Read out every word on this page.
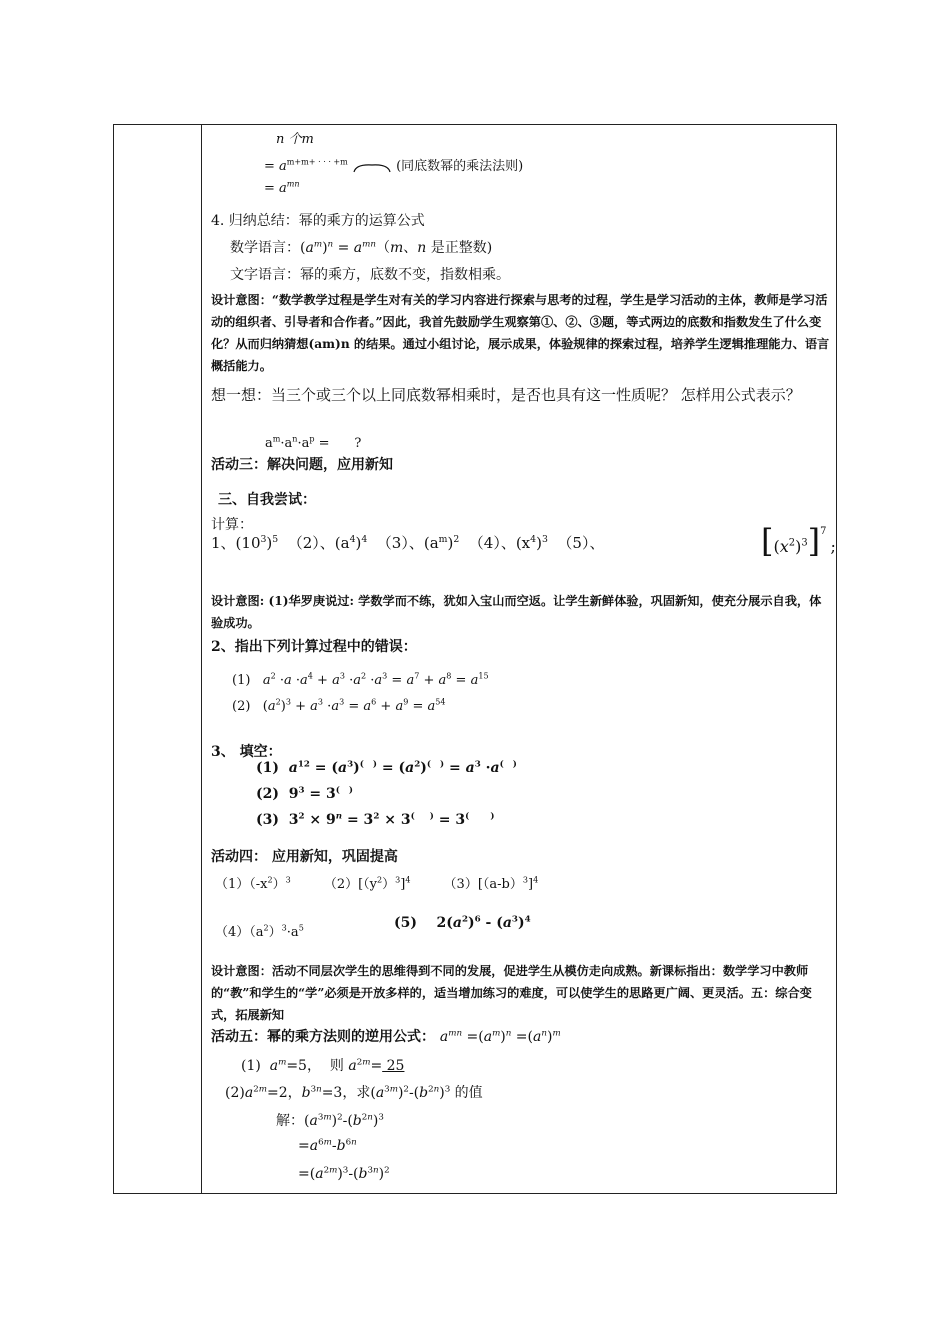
n 个m
= $a^{m+m+ \cdot \cdot \cdot +m}$	(同底数幂的乘法法则)
= $a^{mn}$
4. 归纳总结：幂的乘方的运算公式
数学语言：$(a^m)^n = a^{mn}(m$、n 是正整数)
文字语言：幂的乘方，底数不变，指数相乘。
设计意图：“数学教学过程是学生对有关的学习内容进行探索与思考的过程，学生是学习活动的主体，教师是学习活动的组织者、引导者和合作者。”因此，我首先鼓励学生观察第①、②、③题，等式两边的底数和指数发生了什么变化？从而归纳猜想(am)n 的结果。通过小组讨论，展示成果，体验规律的探索过程，培养学生逻辑推理能力、语言概括能力。
想一想：当三个或三个以上同底数幂相乘时，是否也具有这一性质呢？ 怎样用公式表示？
$a^m\cdot a^n\cdot a^p$ =      ?
活动三：解决问题，应用新知
三、自我尝试：
计算：
1、$(10^3)^5$  （2）、$(a^4)^4$  （3）、$(a^m)^2$  （4）、$(x^4)^3$  （5）、	$[(x^2)^3]^7$;
设计意图: (1)华罗庚说过: 学数学而不练，犹如入宝山而空返。让学生新鲜体验，巩固新知，使充分展示自我，体验成功。
2、指出下列计算过程中的错误：
(1)   $a^2 \cdot a \cdot a^4 + a^3 \cdot a^2 \cdot a^3 = a^7 + a^8 = a^{15}$
(2)   $(a^2)^3 + a^3 \cdot a^3 = a^6 + a^9 = a^{54}$
3、 填空：
(1)  $a^{12} = (a^3)^{( )} = (a^2)^{( )} = a^3 \cdot a^{( )}$
(2)  $9^3 = 3^{( )}$
(3)  $3^2 \times 9^n = 3^2 \times 3^{( )} = 3^{( )}$
活动四： 应用新知，巩固提高
$(1)(-x^2)^3$        $(2)[(y^2)^3]^4$        $(3)[(a-b)^3]^4$
$(4)(a^2)^3\cdot a^5$	(5)    $2(a^2)^6 - (a^3)^4$
设计意图：活动不同层次学生的思维得到不同的发展，促进学生从模仿走向成熟。新课标指出：数学学习中教师的“教”和学生的“学”必须是开放多样的，适当增加练习的难度，可以使学生的思路更广阔、更灵活。五：综合变式，拓展新知
活动五：幂的乘方法则的逆用公式： $a^{mn} =(a^m)^n =(a^n)^m$
(1)  $a^m=5$，  则 $a^{2m}= 25$
$(2)a^{2m}=2$，$b^{3n}=3$，求$(a^{3m})^2-(b^{2n})^3$ 的值
解：$(a^{3m})^2-(b^{2n})^3$
$=a^{6m}-b^{6n}$
$=(a^{2m})^3-(b^{3n})^2$
